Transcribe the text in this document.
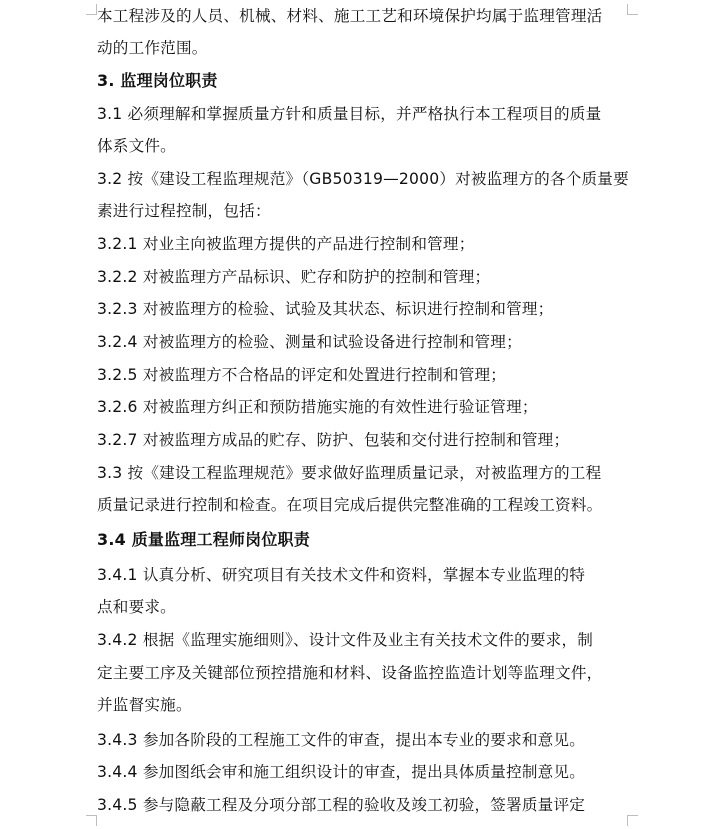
本工程涉及的人员、机械、材料、施工工艺和环境保护均属于监理管理活
动的工作范围。
3. 监理岗位职责
3.1 必须理解和掌握质量方针和质量目标，并严格执行本工程项目的质量
体系文件。
3.2 按《建设工程监理规范》（GB50319—2000）对被监理方的各个质量要
素进行过程控制，包括：
3.2.1 对业主向被监理方提供的产品进行控制和管理；
3.2.2 对被监理方产品标识、贮存和防护的控制和管理；
3.2.3 对被监理方的检验、试验及其状态、标识进行控制和管理；
3.2.4 对被监理方的检验、测量和试验设备进行控制和管理；
3.2.5 对被监理方不合格品的评定和处置进行控制和管理；
3.2.6 对被监理方纠正和预防措施实施的有效性进行验证管理；
3.2.7 对被监理方成品的贮存、防护、包装和交付进行控制和管理；
3.3 按《建设工程监理规范》要求做好监理质量记录，对被监理方的工程
质量记录进行控制和检查。在项目完成后提供完整准确的工程竣工资料。
3.4 质量监理工程师岗位职责
3.4.1 认真分析、研究项目有关技术文件和资料，掌握本专业监理的特
点和要求。
3.4.2 根据《监理实施细则》、设计文件及业主有关技术文件的要求，制
定主要工序及关键部位预控措施和材料、设备监控监造计划等监理文件，
并监督实施。
3.4.3 参加各阶段的工程施工文件的审查，提出本专业的要求和意见。
3.4.4 参加图纸会审和施工组织设计的审查，提出具体质量控制意见。
3.4.5 参与隐蔽工程及分项分部工程的验收及竣工初验，签署质量评定
